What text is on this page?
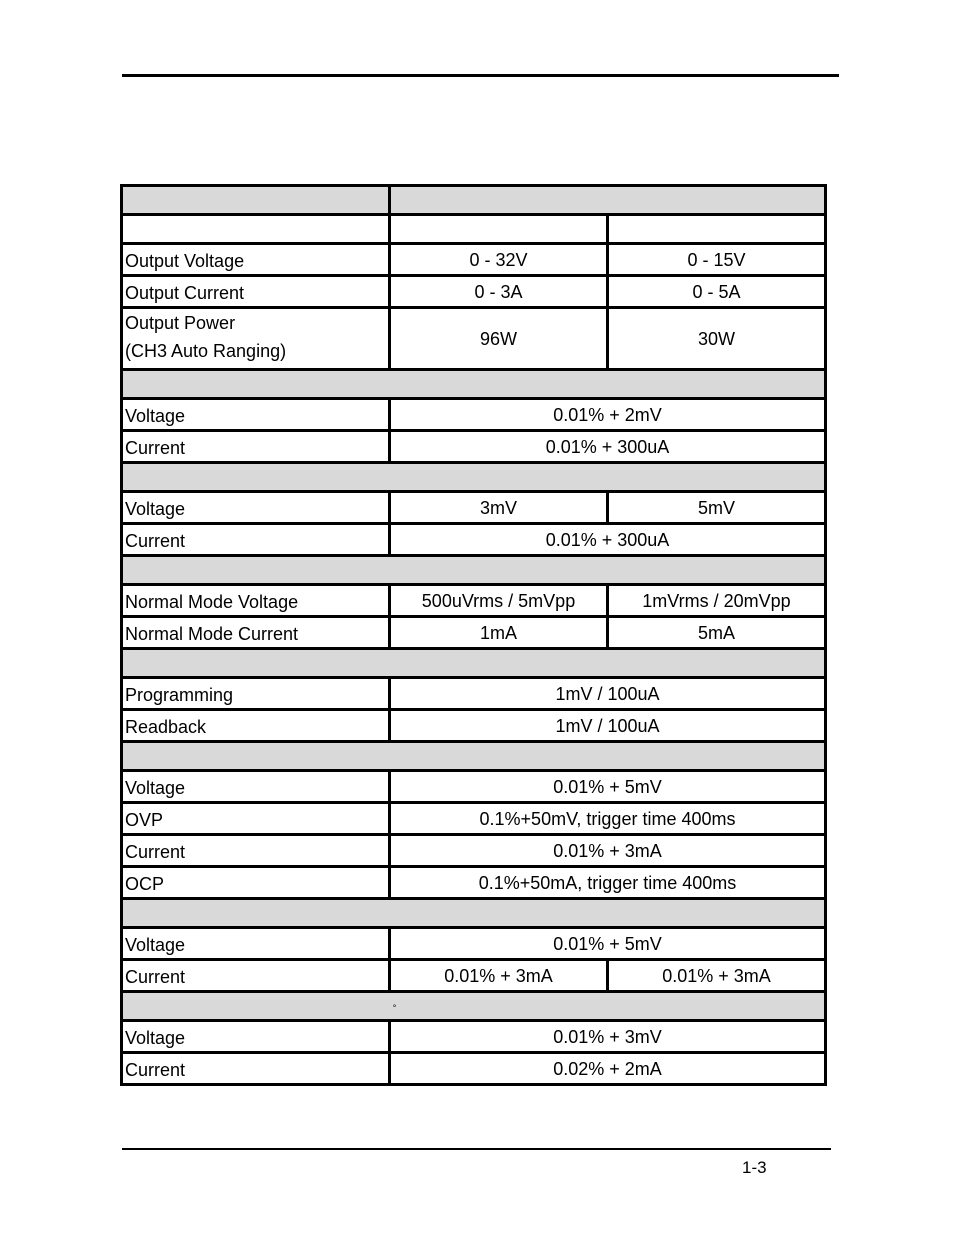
Output Voltage	0 - 32V	0 - 15V
Output Current	0 - 3A	0 - 5A
Output Power
(CH3 Auto Ranging)	96W	30W

Voltage	0.01% + 2mV	
Current	0.01% + 300uA	

Voltage	3mV	5mV
Current	0.01% + 300uA	

Normal Mode Voltage	500uVrms / 5mVpp	1mVrms / 20mVpp
Normal Mode Current	1mA	5mA

Programming	1mV / 100uA	
Readback	1mV / 100uA	

Voltage	0.01% + 5mV	
OVP	0.1%+50mV, trigger time 400ms	
Current	0.01% + 3mA	
OCP	0.1%+50mA, trigger time 400ms	

Voltage	0.01% + 5mV	
Current	0.01% + 3mA	0.01% + 3mA

°		

Voltage	0.01% + 3mV	
Current	0.02% + 2mA	
1-3
